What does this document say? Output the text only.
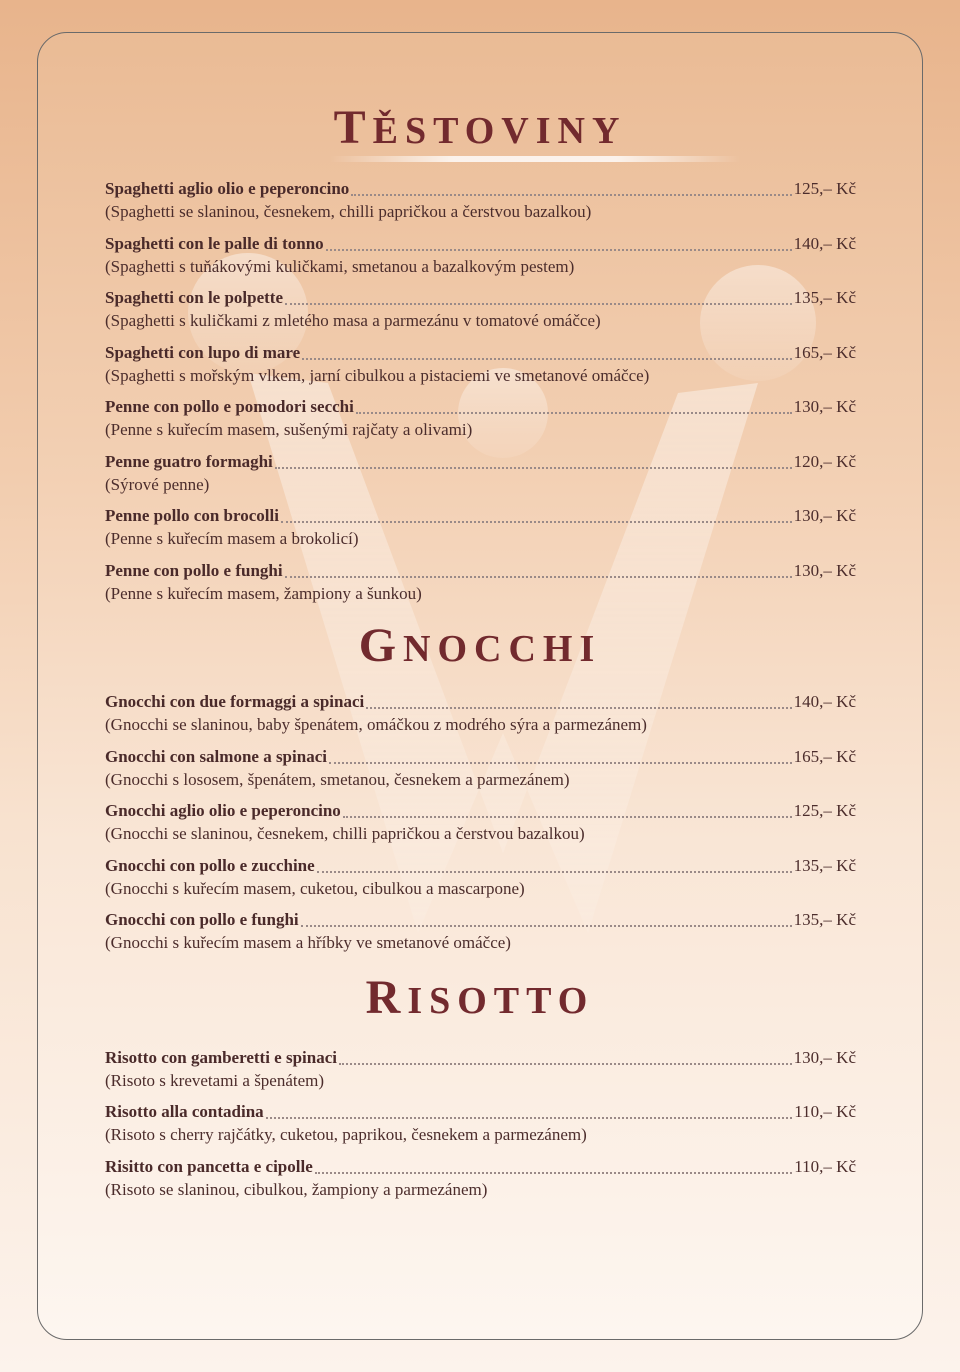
TĚSTOVINY
Spaghetti aglio olio e peperoncino	125,– Kč
(Spaghetti se slaninou, česnekem, chilli papričkou a čerstvou bazalkou)
Spaghetti con le palle di tonno	140,– Kč
(Spaghetti s tuňákovými kuličkami, smetanou a bazalkovým pestem)
Spaghetti con le polpette	135,– Kč
(Spaghetti s kuličkami z mletého masa a parmezánu v tomatové omáčce)
Spaghetti con lupo di mare	165,– Kč
(Spaghetti s mořským vlkem, jarní cibulkou a pistaciemi ve smetanové omáčce)
Penne con pollo e pomodori secchi	130,– Kč
(Penne s kuřecím masem, sušenými rajčaty a olivami)
Penne guatro formaghi	120,– Kč
(Sýrové penne)
Penne pollo con brocolli	130,– Kč
(Penne s kuřecím masem a brokolicí)
Penne con pollo e funghi	130,– Kč
(Penne s kuřecím masem, žampiony a šunkou)
GNOCCHI
Gnocchi con due formaggi a spinaci	140,– Kč
(Gnocchi se slaninou, baby špenátem, omáčkou z modrého sýra a parmezánem)
Gnocchi con salmone a spinaci	165,– Kč
(Gnocchi s lososem, špenátem, smetanou, česnekem a parmezánem)
Gnocchi aglio olio e peperoncino	125,– Kč
(Gnocchi se slaninou, česnekem, chilli papričkou a čerstvou bazalkou)
Gnocchi con pollo e zucchine	135,– Kč
(Gnocchi s kuřecím masem, cuketou, cibulkou a mascarpone)
Gnocchi con pollo e funghi	135,– Kč
(Gnocchi s kuřecím masem a hříbky ve smetanové omáčce)
RISOTTO
Risotto con gamberetti e spinaci	130,– Kč
(Risoto s krevetami a špenátem)
Risotto alla contadina	110,– Kč
(Risoto s cherry rajčátky, cuketou, paprikou, česnekem a parmezánem)
Risitto con pancetta e cipolle	110,– Kč
(Risoto se slaninou, cibulkou, žampiony a parmezánem)
